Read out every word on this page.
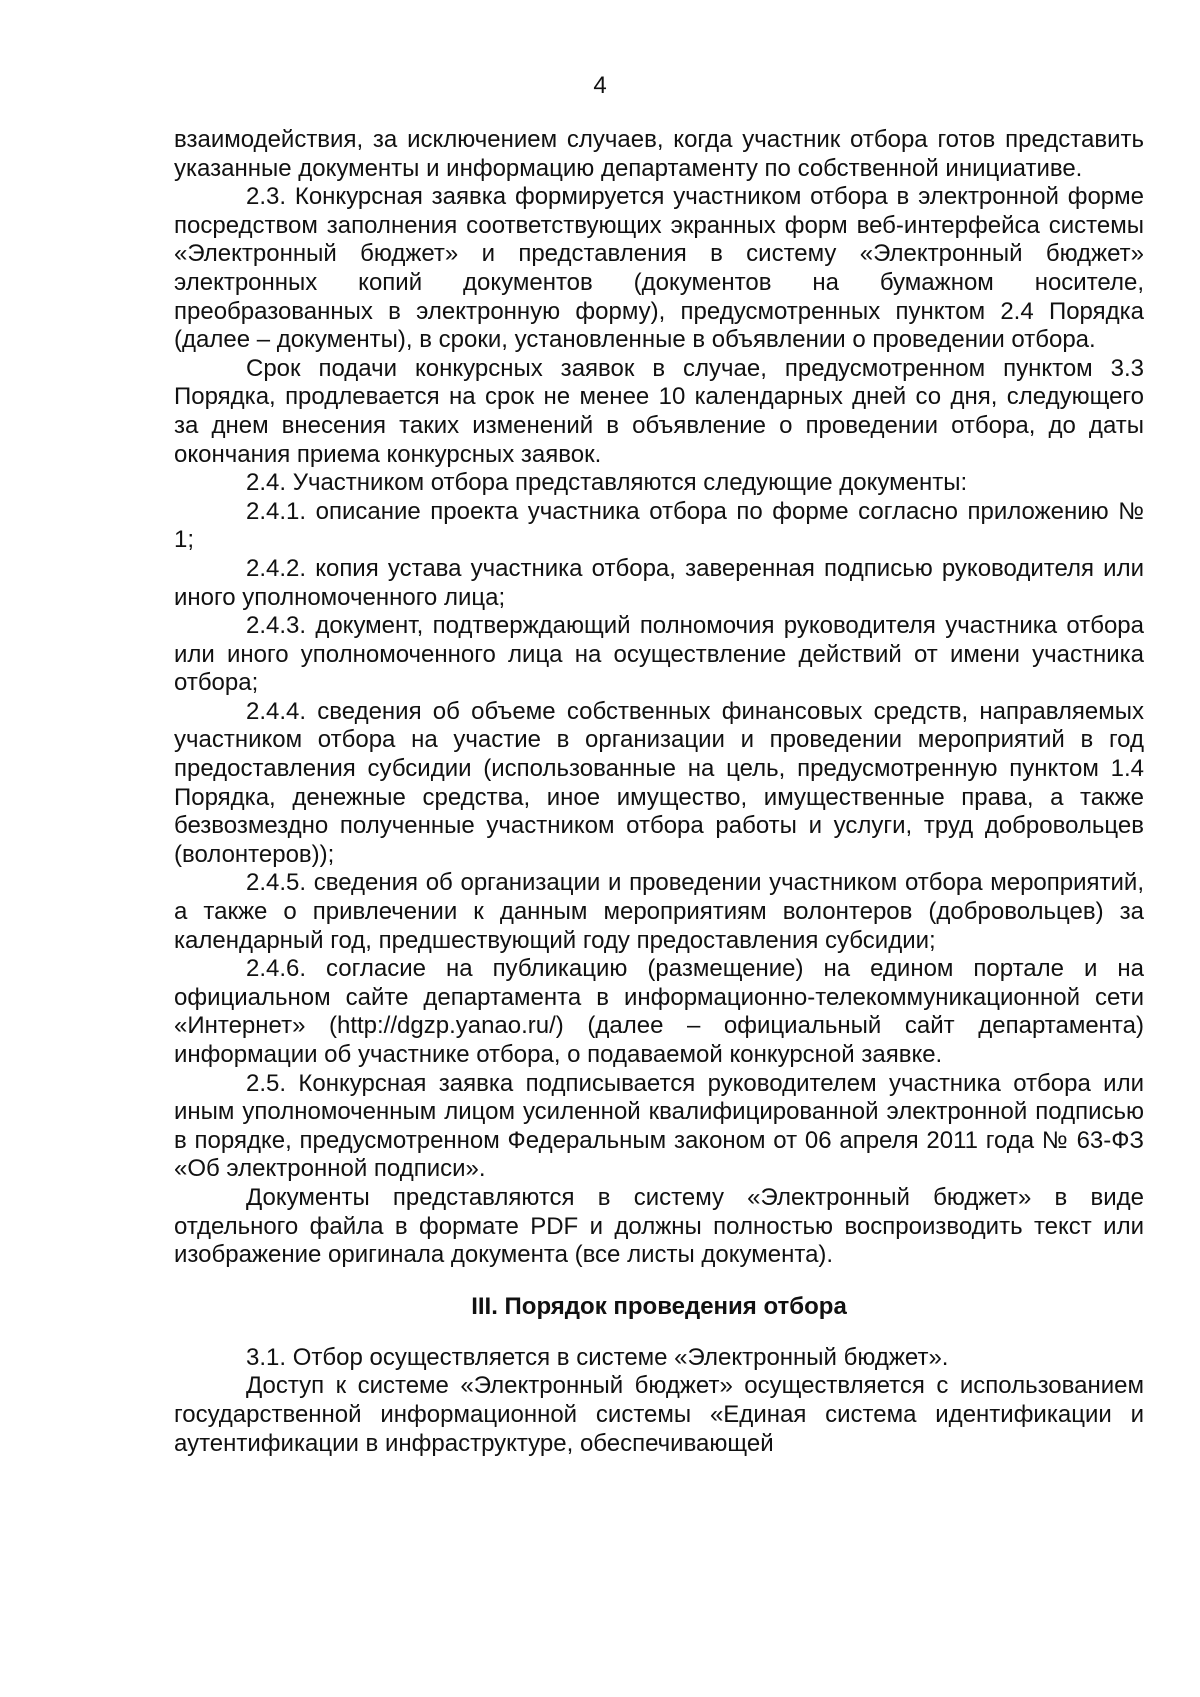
4

взаимодействия, за исключением случаев, когда участник отбора готов представить указанные документы и информацию департаменту по собственной инициативе.

2.3. Конкурсная заявка формируется участником отбора в электронной форме посредством заполнения соответствующих экранных форм веб-интерфейса системы «Электронный бюджет» и представления в систему «Электронный бюджет» электронных копий документов (документов на бумажном носителе, преобразованных в электронную форму), предусмотренных пунктом 2.4 Порядка (далее – документы), в сроки, установленные в объявлении о проведении отбора.

Срок подачи конкурсных заявок в случае, предусмотренном пунктом 3.3 Порядка, продлевается на срок не менее 10 календарных дней со дня, следующего за днем внесения таких изменений в объявление о проведении отбора, до даты окончания приема конкурсных заявок.

2.4. Участником отбора представляются следующие документы:

2.4.1. описание проекта участника отбора по форме согласно приложению № 1;

2.4.2. копия устава участника отбора, заверенная подписью руководителя или иного уполномоченного лица;

2.4.3. документ, подтверждающий полномочия руководителя участника отбора или иного уполномоченного лица на осуществление действий от имени участника отбора;

2.4.4. сведения об объеме собственных финансовых средств, направляемых участником отбора на участие в организации и проведении мероприятий в год предоставления субсидии (использованные на цель, предусмотренную пунктом 1.4 Порядка, денежные средства, иное имущество, имущественные права, а также безвозмездно полученные участником отбора работы и услуги, труд добровольцев (волонтеров));

2.4.5. сведения об организации и проведении участником отбора мероприятий, а также о привлечении к данным мероприятиям волонтеров (добровольцев) за календарный год, предшествующий году предоставления субсидии;

2.4.6. согласие на публикацию (размещение) на едином портале и на официальном сайте департамента в информационно-телекоммуникационной сети «Интернет» (http://dgzp.yanao.ru/) (далее – официальный сайт департамента) информации об участнике отбора, о подаваемой конкурсной заявке.

2.5. Конкурсная заявка подписывается руководителем участника отбора или иным уполномоченным лицом усиленной квалифицированной электронной подписью в порядке, предусмотренном Федеральным законом от 06 апреля 2011 года № 63-ФЗ «Об электронной подписи».

Документы представляются в систему «Электронный бюджет» в виде отдельного файла в формате PDF и должны полностью воспроизводить текст или изображение оригинала документа (все листы документа).

III. Порядок проведения отбора

3.1. Отбор осуществляется в системе «Электронный бюджет».

Доступ к системе «Электронный бюджет» осуществляется с использованием государственной информационной системы «Единая система идентификации и аутентификации в инфраструктуре, обеспечивающей
